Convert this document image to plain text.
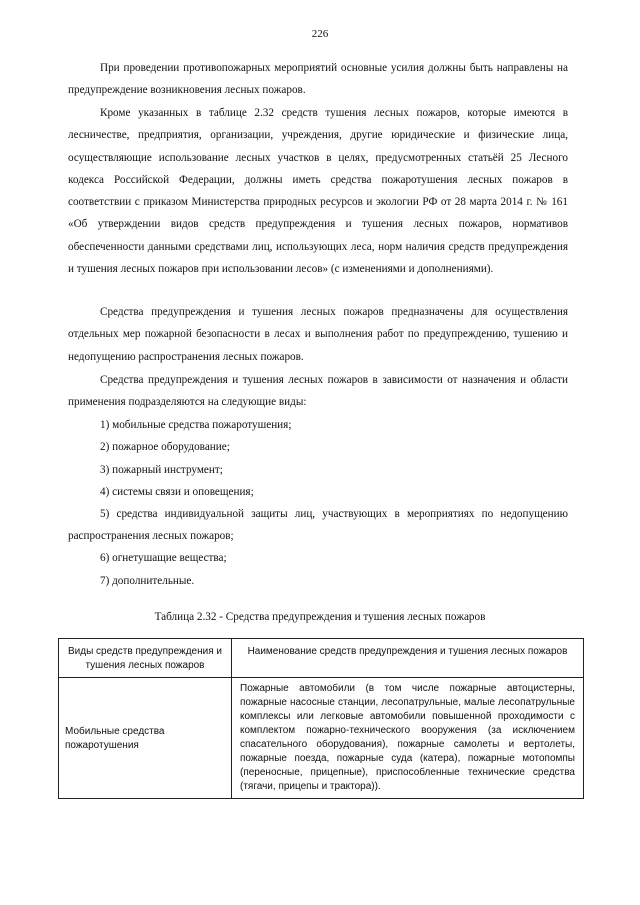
226

При проведении противопожарных мероприятий основные усилия должны быть направлены на предупреждение возникновения лесных пожаров.

Кроме указанных в таблице 2.32 средств тушения лесных пожаров, которые имеются в лесничестве, предприятия, организации, учреждения, другие юридические и физические лица, осуществляющие использование лесных участков в целях, предусмотренных статьёй 25 Лесного кодекса Российской Федерации, должны иметь средства пожаротушения лесных пожаров в соответствии с приказом Министерства природных ресурсов и экологии РФ от 28 марта 2014 г. № 161 «Об утверждении видов средств предупреждения и тушения лесных пожаров, нормативов обеспеченности данными средствами лиц, использующих леса, норм наличия средств предупреждения и тушения лесных пожаров при использовании лесов» (с изменениями и дополнениями).

Средства предупреждения и тушения лесных пожаров предназначены для осуществления отдельных мер пожарной безопасности в лесах и выполнения работ по предупреждению, тушению и недопущению распространения лесных пожаров.

Средства предупреждения и тушения лесных пожаров в зависимости от назначения и области применения подразделяются на следующие виды:

1) мобильные средства пожаротушения;

2) пожарное оборудование;

3) пожарный инструмент;

4) системы связи и оповещения;

5) средства индивидуальной защиты лиц, участвующих в мероприятиях по недопущению распространения лесных пожаров;

6) огнетушащие вещества;

7) дополнительные.

Таблица 2.32 - Средства предупреждения и тушения лесных пожаров
Виды средств предупреждения и тушения лесных пожаров	Наименование средств предупреждения и тушения лесных пожаров
Мобильные средства пожаротушения	Пожарные автомобили (в том числе пожарные автоцистерны, пожарные насосные станции, лесопатрульные, малые лесопатрульные комплексы или легковые автомобили повышенной проходимости с комплектом пожарно-технического вооружения (за исключением спасательного оборудования), пожарные самолеты и вертолеты, пожарные поезда, пожарные суда (катера), пожарные мотопомпы (переносные, прицепные), приспособленные технические средства (тягачи, прицепы и трактора)).
